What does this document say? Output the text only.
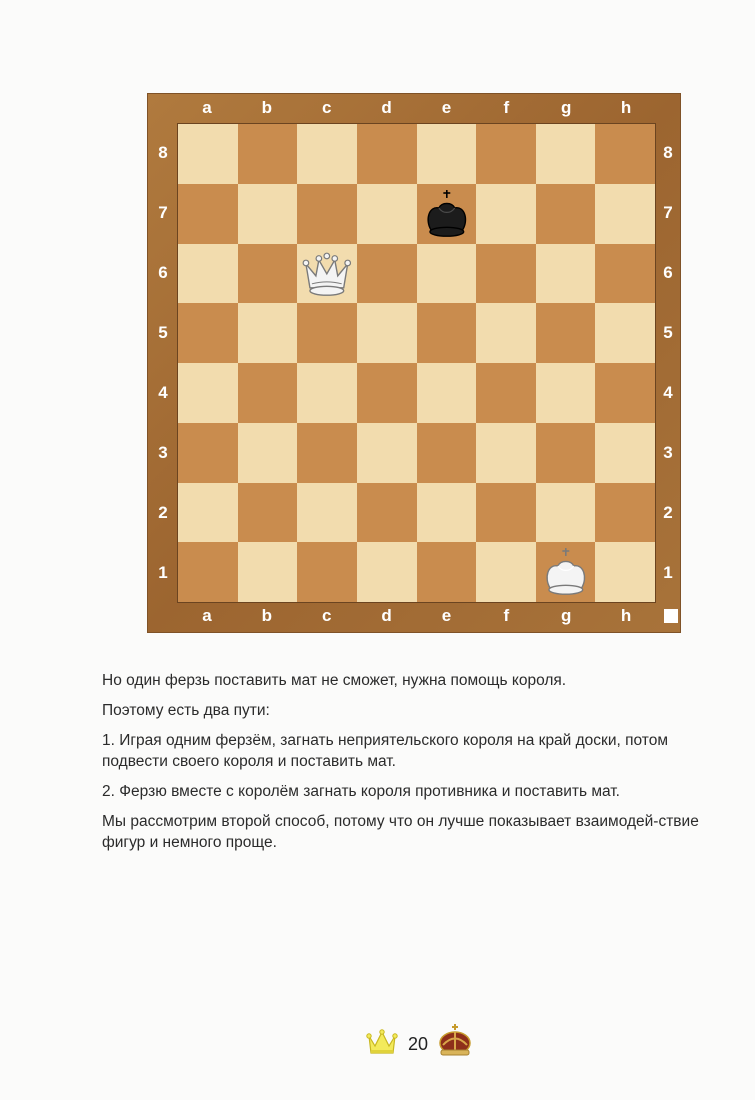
Но один ферзь поставить мат не сможет, нужна помощь короля.

Поэтому есть два пути:

1. Играя одним ферзём, загнать неприятельского короля на край доски, потом подвести своего короля и поставить мат.

2. Ферзю вместе с королём загнать короля противника и поставить мат.

Мы рассмотрим второй способ, потому что он лучше показывает взаимодей-ствие фигур и немного проще.

20
a
a
b
b
c
c
d
d
e
e
f
f
g
g
h
h
8	8
7	7
6	6
5	5
4	4
3	3
2	2
1	1
